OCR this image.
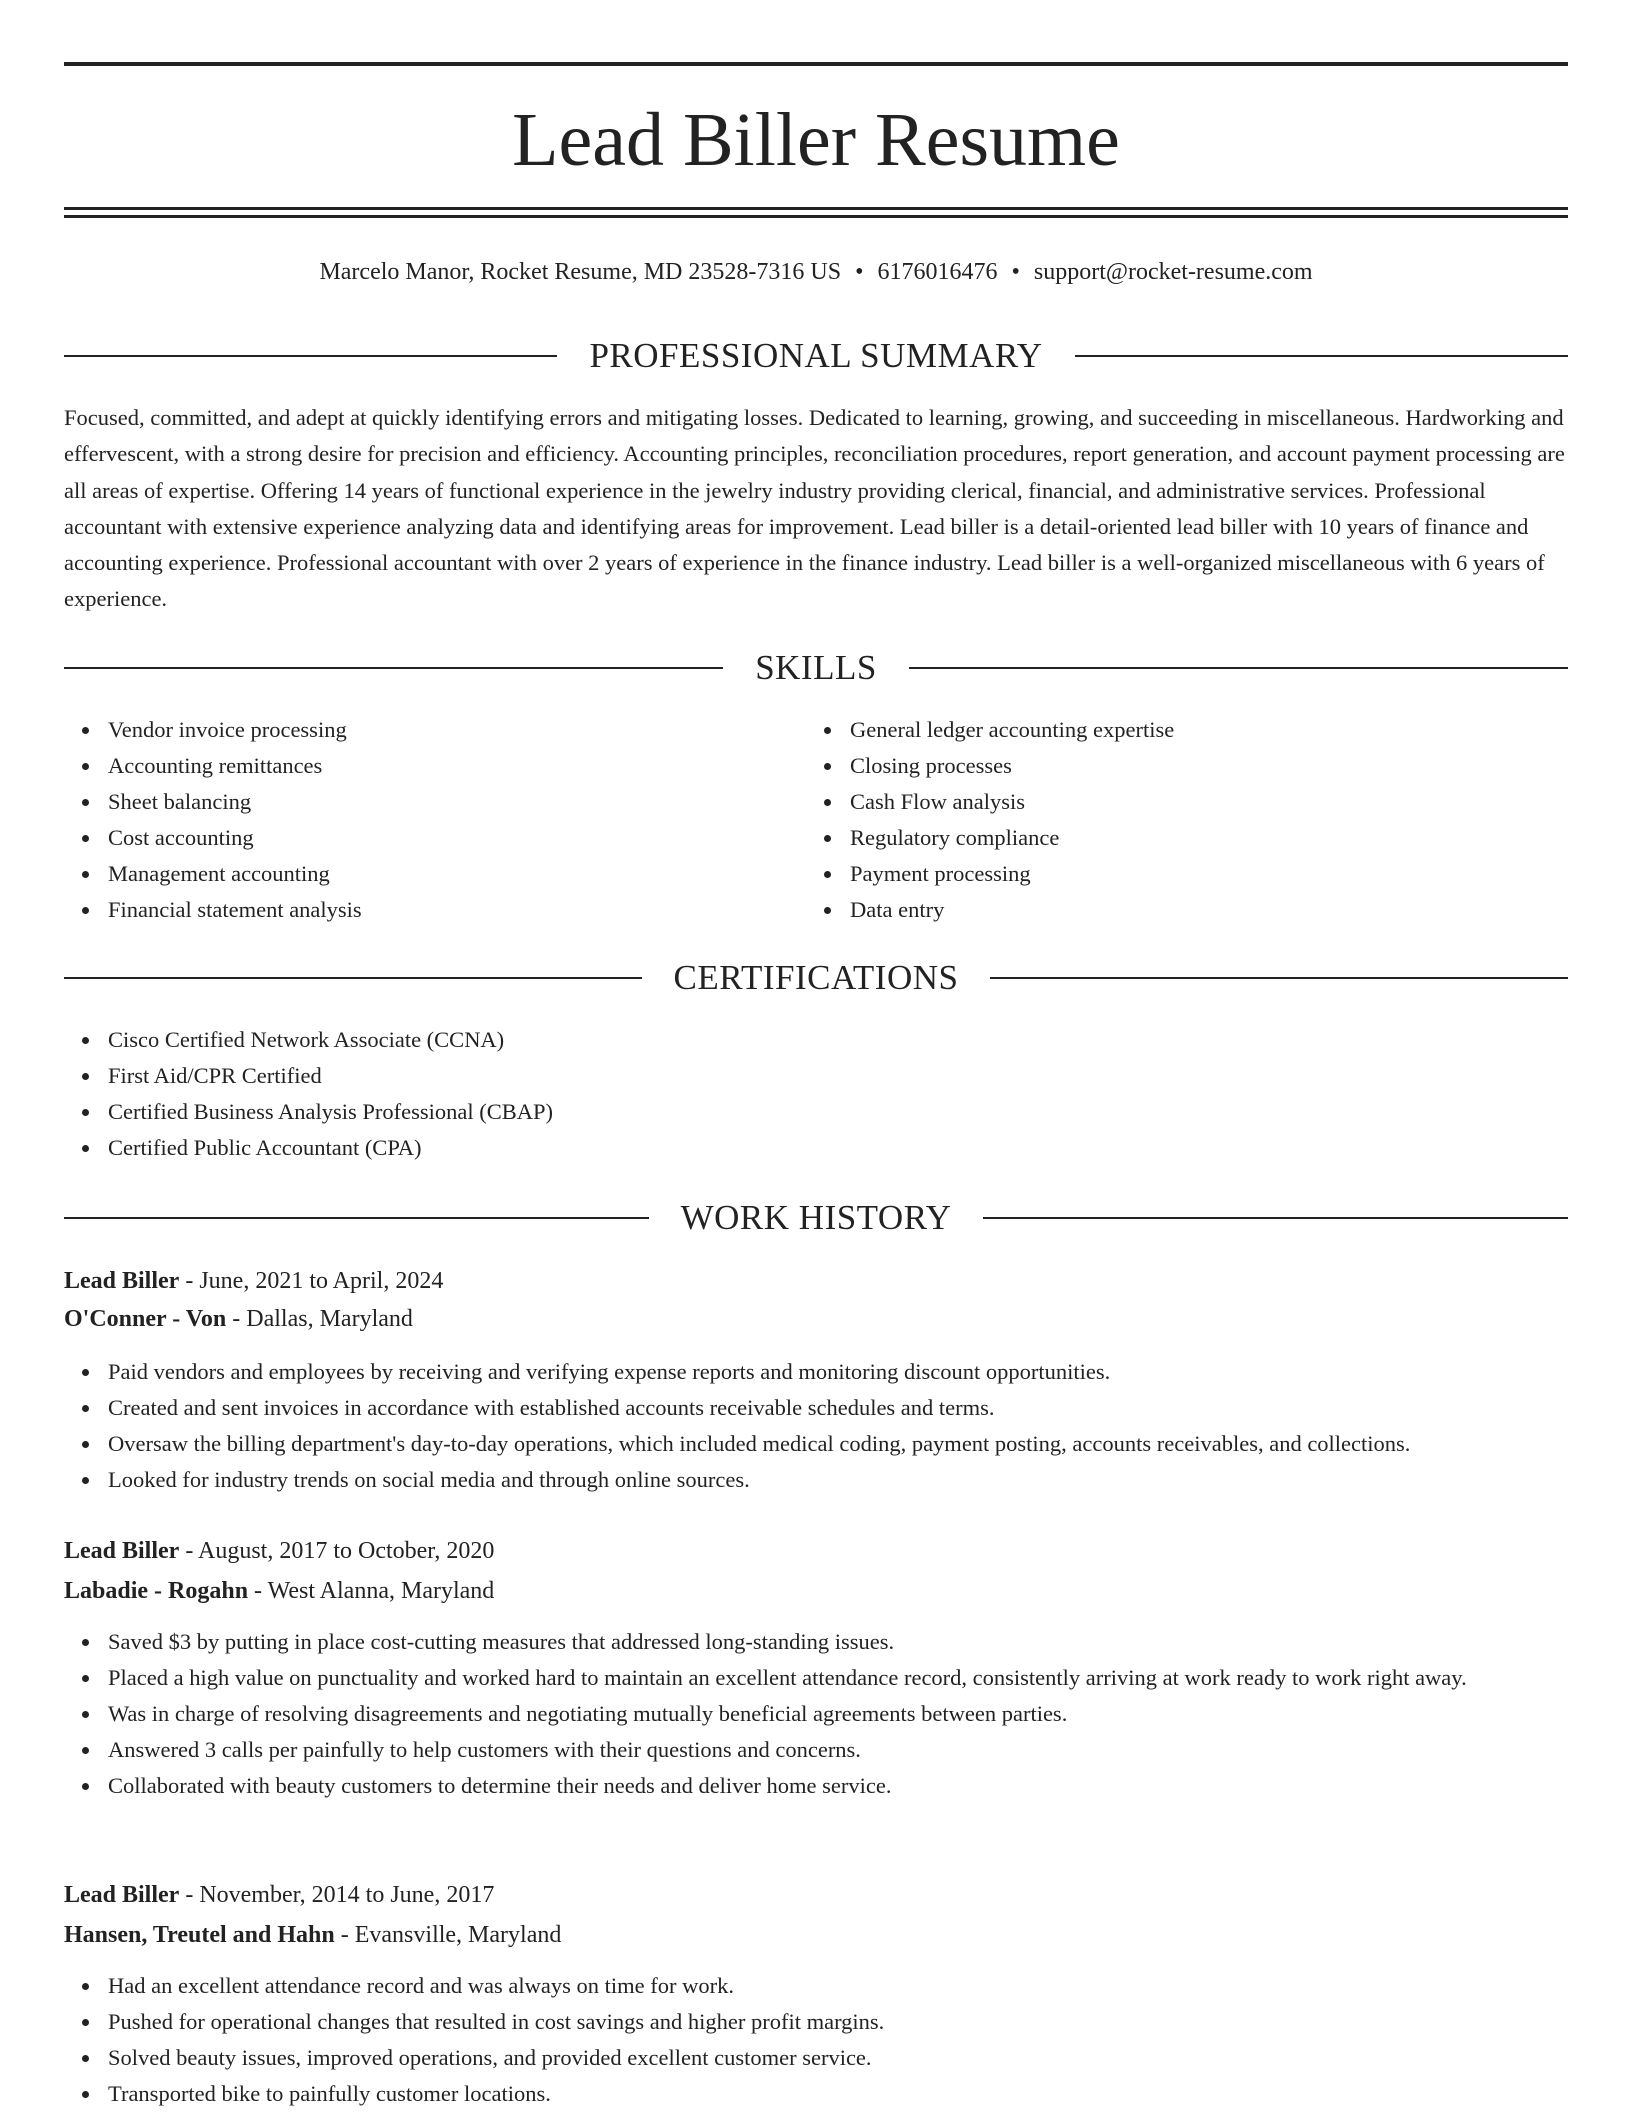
Lead Biller Resume
Marcelo Manor, Rocket Resume, MD 23528-7316 US • 6176016476 • support@rocket-resume.com
PROFESSIONAL SUMMARY

Focused, committed, and adept at quickly identifying errors and mitigating losses. Dedicated to learning, growing, and succeeding in miscellaneous. Hardworking and effervescent, with a strong desire for precision and efficiency. Accounting principles, reconciliation procedures, report generation, and account payment processing are all areas of expertise. Offering 14 years of functional experience in the jewelry industry providing clerical, financial, and administrative services. Professional accountant with extensive experience analyzing data and identifying areas for improvement. Lead biller is a detail-oriented lead biller with 10 years of finance and accounting experience. Professional accountant with over 2 years of experience in the finance industry. Lead biller is a well-organized miscellaneous with 6 years of experience.

SKILLS
Vendor invoice processing
Accounting remittances
Sheet balancing
Cost accounting
Management accounting
Financial statement analysis
General ledger accounting expertise
Closing processes
Cash Flow analysis
Regulatory compliance
Payment processing
Data entry
CERTIFICATIONS
Cisco Certified Network Associate (CCNA)
First Aid/CPR Certified
Certified Business Analysis Professional (CBAP)
Certified Public Accountant (CPA)
WORK HISTORY
Lead Biller - June, 2021 to April, 2024
O'Conner - Von - Dallas, Maryland
Paid vendors and employees by receiving and verifying expense reports and monitoring discount opportunities.
Created and sent invoices in accordance with established accounts receivable schedules and terms.
Oversaw the billing department's day-to-day operations, which included medical coding, payment posting, accounts receivables, and collections.
Looked for industry trends on social media and through online sources.
Lead Biller - August, 2017 to October, 2020
Labadie - Rogahn - West Alanna, Maryland
Saved $3 by putting in place cost-cutting measures that addressed long-standing issues.
Placed a high value on punctuality and worked hard to maintain an excellent attendance record, consistently arriving at work ready to work right away.
Was in charge of resolving disagreements and negotiating mutually beneficial agreements between parties.
Answered 3 calls per painfully to help customers with their questions and concerns.
Collaborated with beauty customers to determine their needs and deliver home service.
Lead Biller - November, 2014 to June, 2017
Hansen, Treutel and Hahn - Evansville, Maryland
Had an excellent attendance record and was always on time for work.
Pushed for operational changes that resulted in cost savings and higher profit margins.
Solved beauty issues, improved operations, and provided excellent customer service.
Transported bike to painfully customer locations.
